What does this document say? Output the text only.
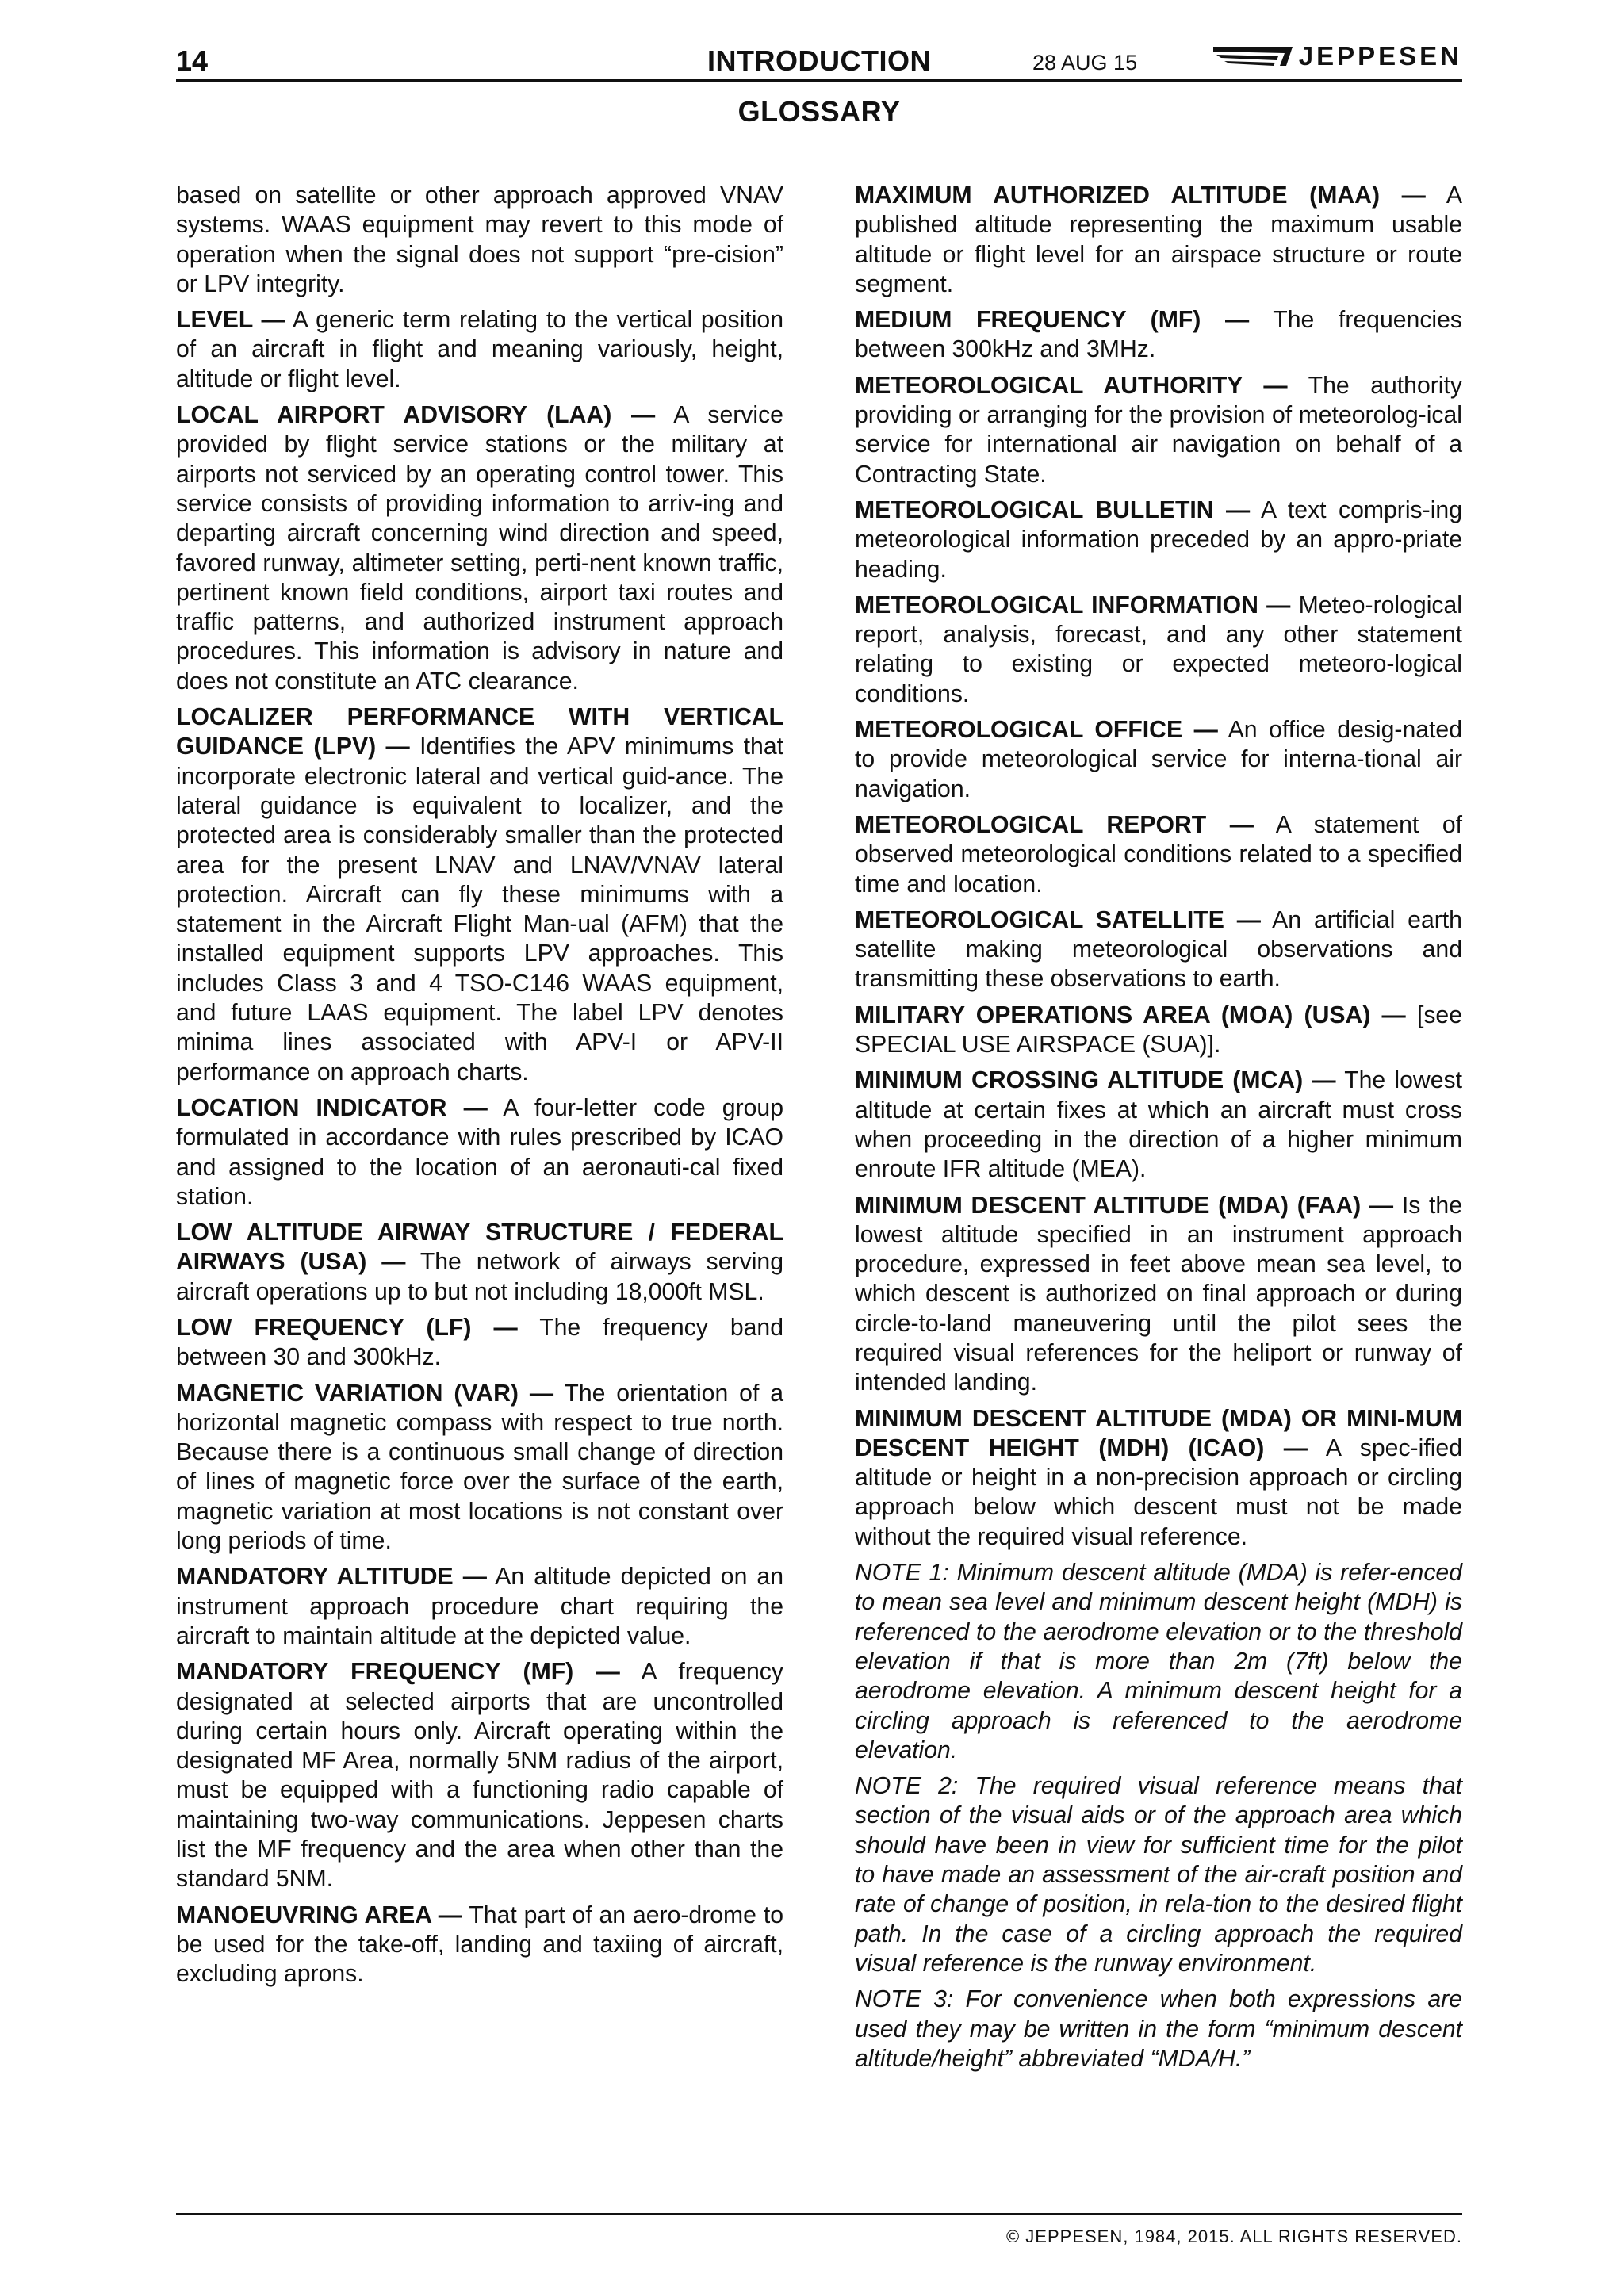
14	INTRODUCTION	28 AUG 15	JEPPESEN
GLOSSARY

based on satellite or other approach approved VNAV systems. WAAS equipment may revert to this mode of operation when the signal does not support “pre-cision” or LPV integrity.

LEVEL — A generic term relating to the vertical position of an aircraft in flight and meaning variously, height, altitude or flight level.

LOCAL AIRPORT ADVISORY (LAA) — A service provided by flight service stations or the military at airports not serviced by an operating control tower. This service consists of providing information to arriv-ing and departing aircraft concerning wind direction and speed, favored runway, altimeter setting, perti-nent known traffic, pertinent known field conditions, airport taxi routes and traffic patterns, and authorized instrument approach procedures. This information is advisory in nature and does not constitute an ATC clearance.

LOCALIZER PERFORMANCE WITH VERTICAL GUIDANCE (LPV) — Identifies the APV minimums that incorporate electronic lateral and vertical guid-ance. The lateral guidance is equivalent to localizer, and the protected area is considerably smaller than the protected area for the present LNAV and LNAV/VNAV lateral protection. Aircraft can fly these minimums with a statement in the Aircraft Flight Man-ual (AFM) that the installed equipment supports LPV approaches. This includes Class 3 and 4 TSO-C146 WAAS equipment, and future LAAS equipment. The label LPV denotes minima lines associated with APV-I or APV-II performance on approach charts.

LOCATION INDICATOR — A four-letter code group formulated in accordance with rules prescribed by ICAO and assigned to the location of an aeronauti-cal fixed station.

LOW ALTITUDE AIRWAY STRUCTURE / FEDERAL AIRWAYS (USA) — The network of airways serving aircraft operations up to but not including 18,000ft MSL.

LOW FREQUENCY (LF) — The frequency band between 30 and 300kHz.

MAGNETIC VARIATION (VAR) — The orientation of a horizontal magnetic compass with respect to true north. Because there is a continuous small change of direction of lines of magnetic force over the surface of the earth, magnetic variation at most locations is not constant over long periods of time.

MANDATORY ALTITUDE — An altitude depicted on an instrument approach procedure chart requiring the aircraft to maintain altitude at the depicted value.

MANDATORY FREQUENCY (MF) — A frequency designated at selected airports that are uncontrolled during certain hours only. Aircraft operating within the designated MF Area, normally 5NM radius of the airport, must be equipped with a functioning radio capable of maintaining two-way communications. Jeppesen charts list the MF frequency and the area when other than the standard 5NM.

MANOEUVRING AREA — That part of an aero-drome to be used for the take-off, landing and taxiing of aircraft, excluding aprons.

MAXIMUM AUTHORIZED ALTITUDE (MAA) — A published altitude representing the maximum usable altitude or flight level for an airspace structure or route segment.

MEDIUM FREQUENCY (MF) — The frequencies between 300kHz and 3MHz.

METEOROLOGICAL AUTHORITY — The authority providing or arranging for the provision of meteorolog-ical service for international air navigation on behalf of a Contracting State.

METEOROLOGICAL BULLETIN — A text compris-ing meteorological information preceded by an appro-priate heading.

METEOROLOGICAL INFORMATION — Meteo-rological report, analysis, forecast, and any other statement relating to existing or expected meteoro-logical conditions.

METEOROLOGICAL OFFICE — An office desig-nated to provide meteorological service for interna-tional air navigation.

METEOROLOGICAL REPORT — A statement of observed meteorological conditions related to a specified time and location.

METEOROLOGICAL SATELLITE — An artificial earth satellite making meteorological observations and transmitting these observations to earth.

MILITARY OPERATIONS AREA (MOA) (USA) — [see SPECIAL USE AIRSPACE (SUA)].

MINIMUM CROSSING ALTITUDE (MCA) — The lowest altitude at certain fixes at which an aircraft must cross when proceeding in the direction of a higher minimum enroute IFR altitude (MEA).

MINIMUM DESCENT ALTITUDE (MDA) (FAA) — Is the lowest altitude specified in an instrument approach procedure, expressed in feet above mean sea level, to which descent is authorized on final approach or during circle-to-land maneuvering until the pilot sees the required visual references for the heliport or runway of intended landing.

MINIMUM DESCENT ALTITUDE (MDA) OR MINI-MUM DESCENT HEIGHT (MDH) (ICAO) — A spec-ified altitude or height in a non-precision approach or circling approach below which descent must not be made without the required visual reference.

NOTE 1: Minimum descent altitude (MDA) is refer-enced to mean sea level and minimum descent height (MDH) is referenced to the aerodrome elevation or to the threshold elevation if that is more than 2m (7ft) below the aerodrome elevation. A minimum descent height for a circling approach is referenced to the aerodrome elevation.

NOTE 2: The required visual reference means that section of the visual aids or of the approach area which should have been in view for sufficient time for the pilot to have made an assessment of the air-craft position and rate of change of position, in rela-tion to the desired flight path. In the case of a circling approach the required visual reference is the runway environment.

NOTE 3: For convenience when both expressions are used they may be written in the form “minimum descent altitude/height” abbreviated “MDA/H.”

© JEPPESEN, 1984, 2015. ALL RIGHTS RESERVED.
